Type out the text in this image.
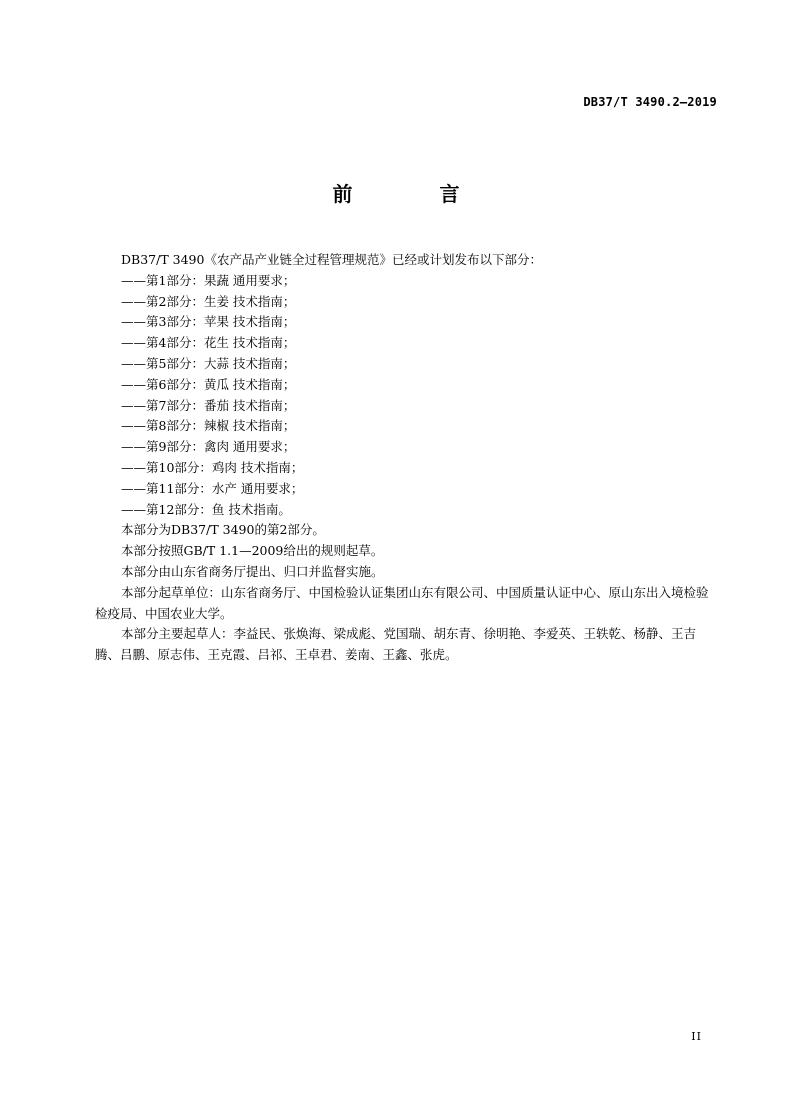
DB37/T 3490.2—2019
前 言
DB37/T 3490《农产品产业链全过程管理规范》已经或计划发布以下部分：
——第1部分：果蔬 通用要求；
——第2部分：生姜 技术指南；
——第3部分：苹果 技术指南；
——第4部分：花生 技术指南；
——第5部分：大蒜 技术指南；
——第6部分：黄瓜 技术指南；
——第7部分：番茄 技术指南；
——第8部分：辣椒 技术指南；
——第9部分：禽肉 通用要求；
——第10部分：鸡肉 技术指南；
——第11部分：水产 通用要求；
——第12部分：鱼 技术指南。
本部分为DB37/T 3490的第2部分。
本部分按照GB/T 1.1—2009给出的规则起草。
本部分由山东省商务厅提出、归口并监督实施。
本部分起草单位：山东省商务厅、中国检验认证集团山东有限公司、中国质量认证中心、原山东出入境检验检疫局、中国农业大学。
本部分主要起草人：李益民、张焕海、梁成彪、党国瑞、胡东青、徐明艳、李爱英、王轶乾、杨静、王吉腾、吕鹏、原志伟、王克霞、吕祁、王卓君、姜南、王鑫、张虎。
II
